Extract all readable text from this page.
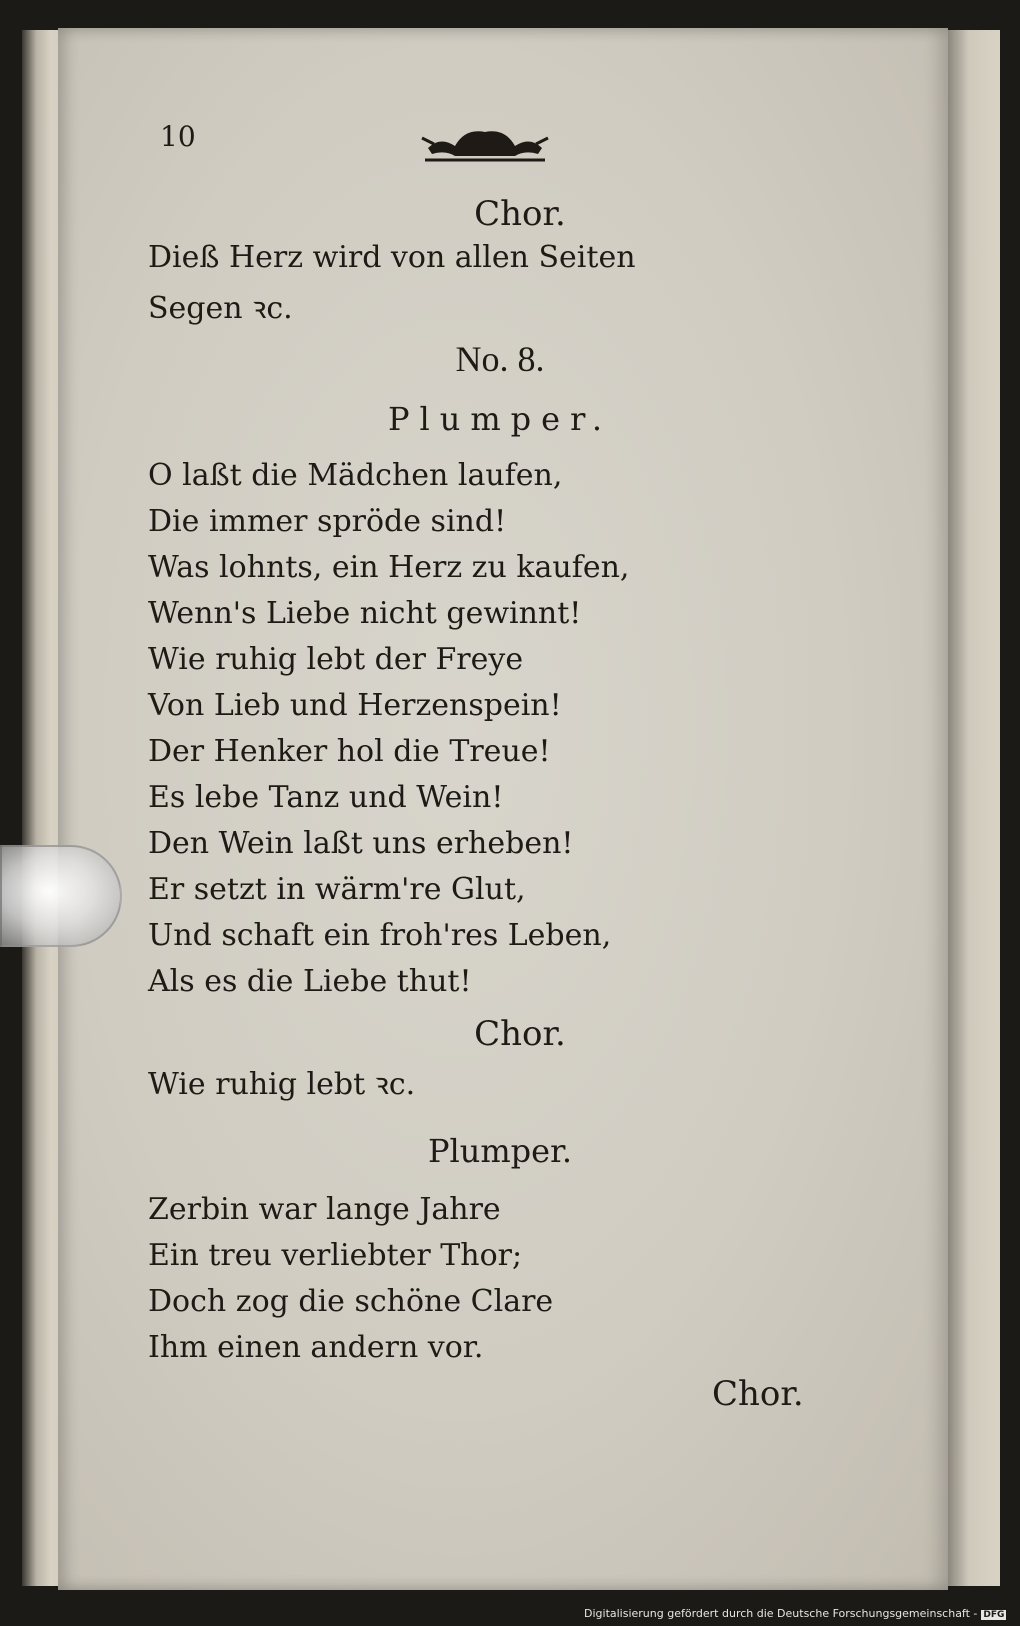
10
Chor.
Dieß Herz wird von allen Seiten
Segen ꝛc.
No. 8.
Plumper.
O laßt die Mädchen laufen,
Die immer spröde sind!
Was lohnts, ein Herz zu kaufen,
Wenn's Liebe nicht gewinnt!
Wie ruhig lebt der Freye
Von Lieb und Herzenspein!
Der Henker hol die Treue!
Es lebe Tanz und Wein!
Den Wein laßt uns erheben!
Er setzt in wärm're Glut,
Und schaft ein froh'res Leben,
Als es die Liebe thut!
Chor.
Wie ruhig lebt ꝛc.
Plumper.
Zerbin war lange Jahre
Ein treu verliebter Thor;
Doch zog die schöne Clare
Ihm einen andern vor.
Chor.
Digitalisierung gefördert durch die Deutsche Forschungsgemeinschaft - DFG
